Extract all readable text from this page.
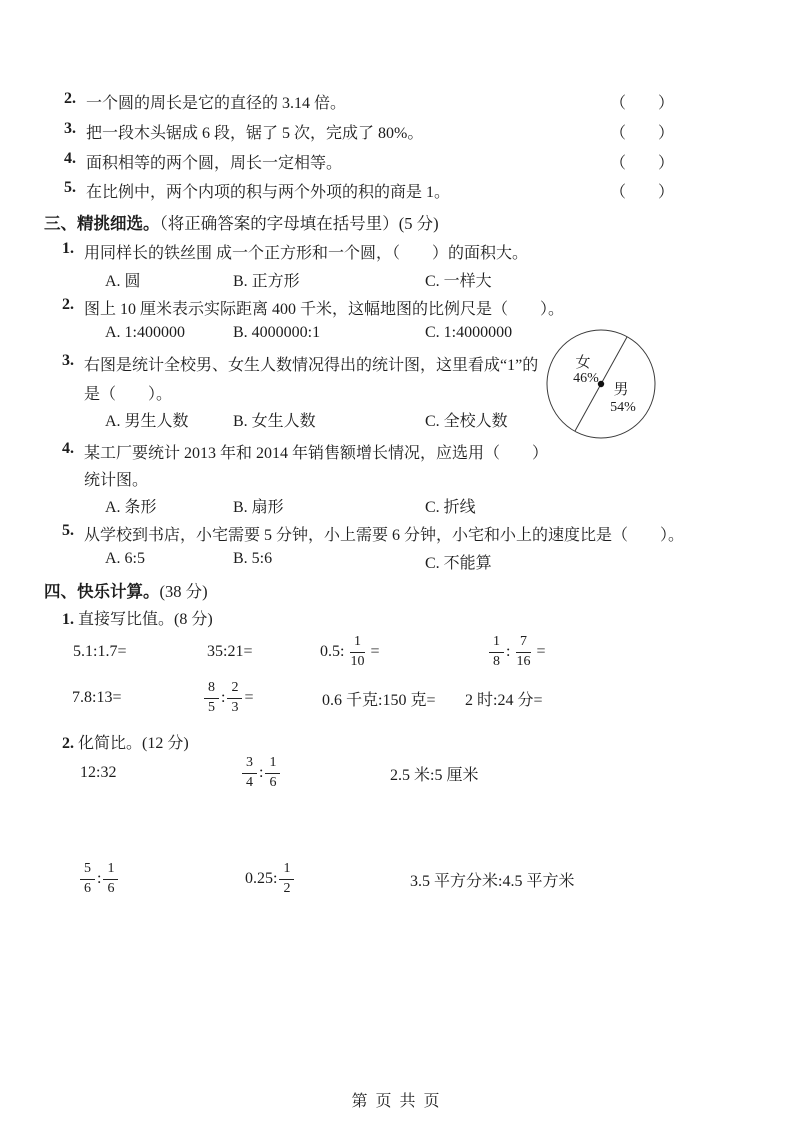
2. 一个圆的周长是它的直径的 3.14 倍。	（　　）
3. 把一段木头锯成 6 段，锯了 5 次，完成了 80%。	（　　）
4. 面积相等的两个圆，周长一定相等。	（　　）
5. 在比例中，两个内项的积与两个外项的积的商是 1。	（　　）
三、精挑细选。（将正确答案的字母填在括号里）(5 分)
1. 用同样长的铁丝围 成一个正方形和一个圆，（　　）的面积大。
A. 圆	B. 正方形	C. 一样大
2. 图上 10 厘米表示实际距离 400 千米，这幅地图的比例尺是（　　）。
A. 1:400000	B. 4000000:1	C. 1:4000000
3. 右图是统计全校男、女生人数情况得出的统计图，这里看成“1”的
是（　　）。
A. 男生人数	B. 女生人数	C. 全校人数
女
46%
男
54%
4. 某工厂要统计 2013 年和 2014 年销售额增长情况，应选用（　　）
统计图。
A. 条形	B. 扇形	C. 折线
5. 从学校到书店，小宅需要 5 分钟，小上需要 6 分钟，小宅和小上的速度比是（　　）。
A. 6:5	B. 5:6	C. 不能算
四、快乐计算。(38 分)
1. 直接写比值。(8 分)
5.1:1.7=	35:21=	0.5: $\frac{1}{10}$ =	$\frac{1}{8}$ : $\frac{7}{16}$ =
7.8:13=	$\frac{8}{5}$ : $\frac{2}{3}$ =	0.6 千克:150 克= 2 时:24 分=
2. 化简比。(12 分)
12:32	$\frac{3}{4}$ : $\frac{1}{6}$	2.5 米:5 厘米
$\frac{5}{6}$ : $\frac{1}{6}$	0.25: $\frac{1}{2}$	3.5 平方分米:4.5 平方米
第 页 共 页
